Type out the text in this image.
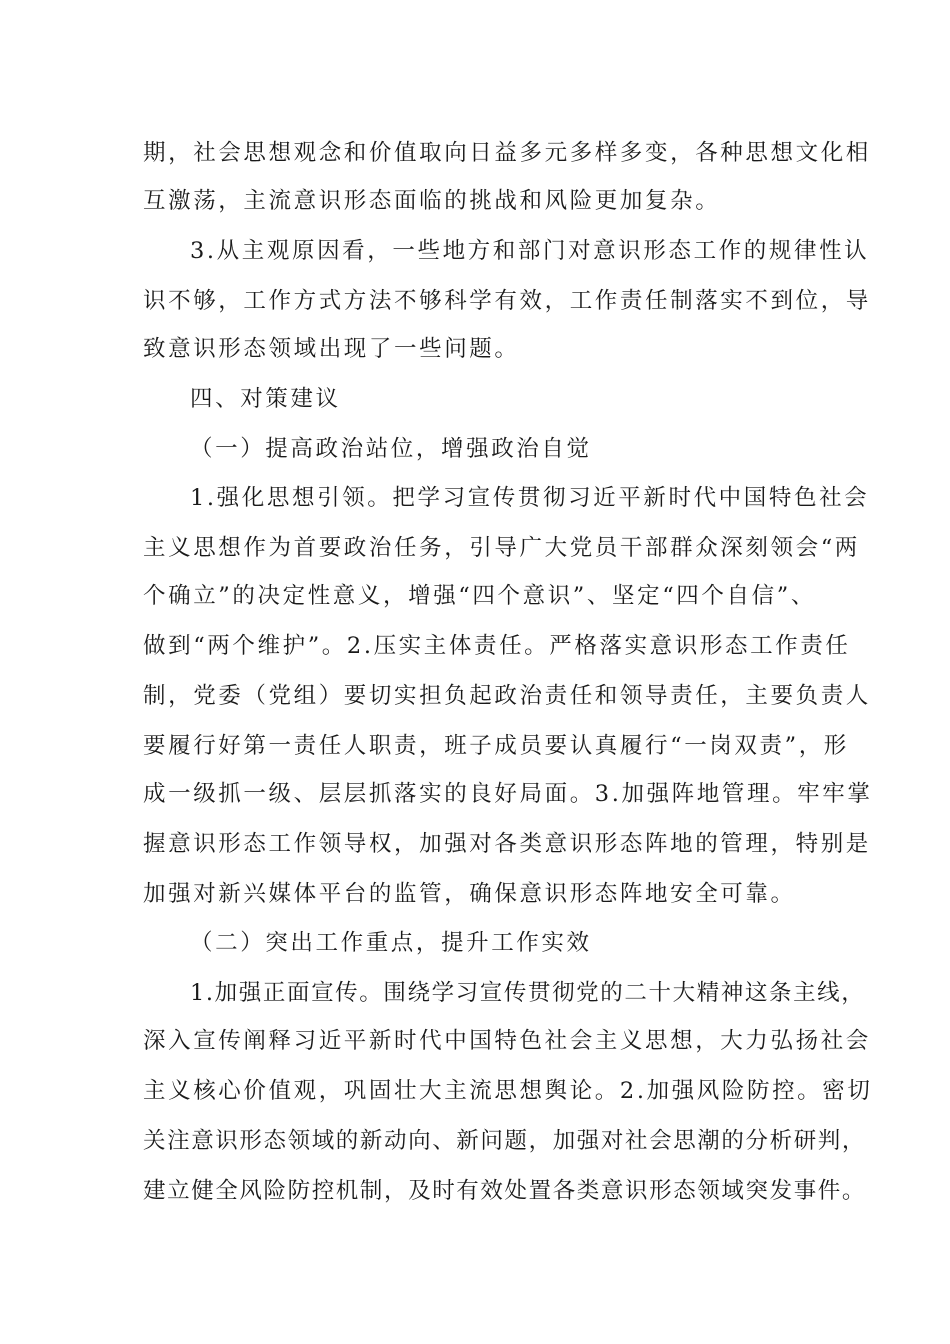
期，社会思想观念和价值取向日益多元多样多变，各种思想文化相
互激荡，主流意识形态面临的挑战和风险更加复杂。
3.从主观原因看，一些地方和部门对意识形态工作的规律性认
识不够，工作方式方法不够科学有效，工作责任制落实不到位，导
致意识形态领域出现了一些问题。
四、对策建议
（一）提高政治站位，增强政治自觉
1.强化思想引领。把学习宣传贯彻习近平新时代中国特色社会
主义思想作为首要政治任务，引导广大党员干部群众深刻领会“两
个确立”的决定性意义，增强“四个意识”、坚定“四个自信”、
做到“两个维护”。2.压实主体责任。严格落实意识形态工作责任
制，党委（党组）要切实担负起政治责任和领导责任，主要负责人
要履行好第一责任人职责，班子成员要认真履行“一岗双责”，形
成一级抓一级、层层抓落实的良好局面。3.加强阵地管理。牢牢掌
握意识形态工作领导权，加强对各类意识形态阵地的管理，特别是
加强对新兴媒体平台的监管，确保意识形态阵地安全可靠。
（二）突出工作重点，提升工作实效
1.加强正面宣传。围绕学习宣传贯彻党的二十大精神这条主线，
深入宣传阐释习近平新时代中国特色社会主义思想，大力弘扬社会
主义核心价值观，巩固壮大主流思想舆论。2.加强风险防控。密切
关注意识形态领域的新动向、新问题，加强对社会思潮的分析研判，
建立健全风险防控机制，及时有效处置各类意识形态领域突发事件。
